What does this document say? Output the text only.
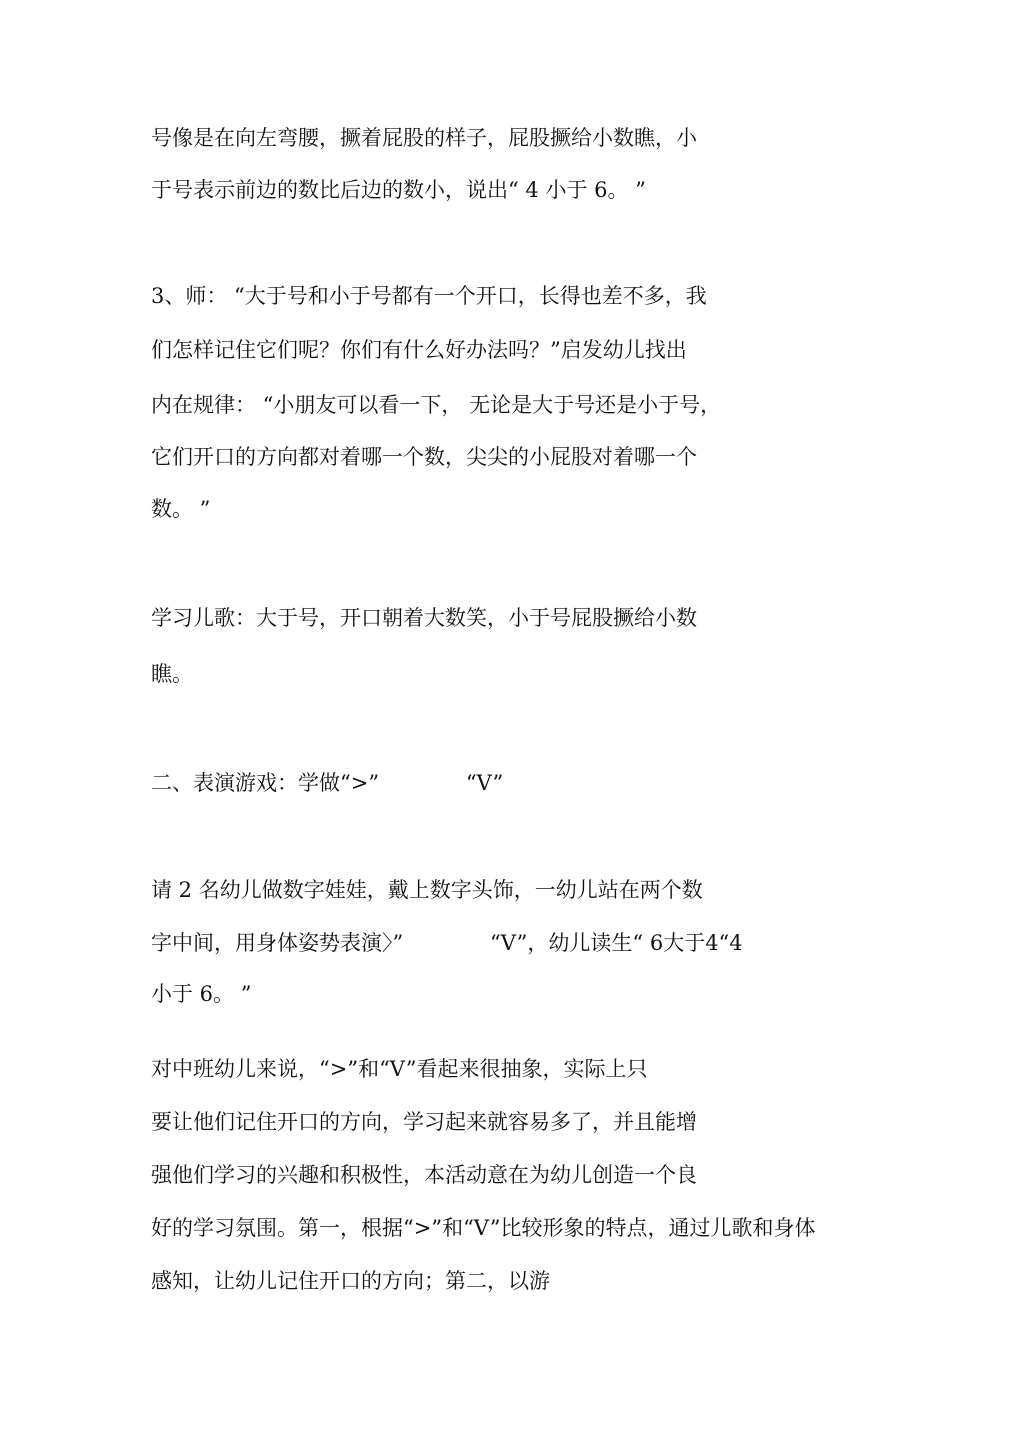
号像是在向左弯腰，撅着屁股的样子，屁股撅给小数瞧，小

于号表示前边的数比后边的数小，说出“ 4 小于 6。 ”

3、师： “大于号和小于号都有一个开口，长得也差不多，我

们怎样记住它们呢？你们有什么好办法吗？”启发幼儿找出

内在规律： “小朋友可以看一下， 无论是大于号还是小于号，

它们开口的方向都对着哪一个数，尖尖的小屁股对着哪一个

数。 ”

学习儿歌：大于号，开口朝着大数笑，小于号屁股撅给小数

瞧。

二、表演游戏：学做“>”             “V”

请 2 名幼儿做数字娃娃，戴上数字头饰，一幼儿站在两个数

字中间，用身体姿势表演〉”             “V”，幼儿读生“ 6大于4“4

小于 6。 ”

对中班幼儿来说，“>”和“V”看起来很抽象，实际上只

要让他们记住开口的方向，学习起来就容易多了，并且能增

强他们学习的兴趣和积极性，本活动意在为幼儿创造一个良

好的学习氛围。第一，根据“>”和“V”比较形象的特点，通过儿歌和身体

感知，让幼儿记住开口的方向；第二，以游
